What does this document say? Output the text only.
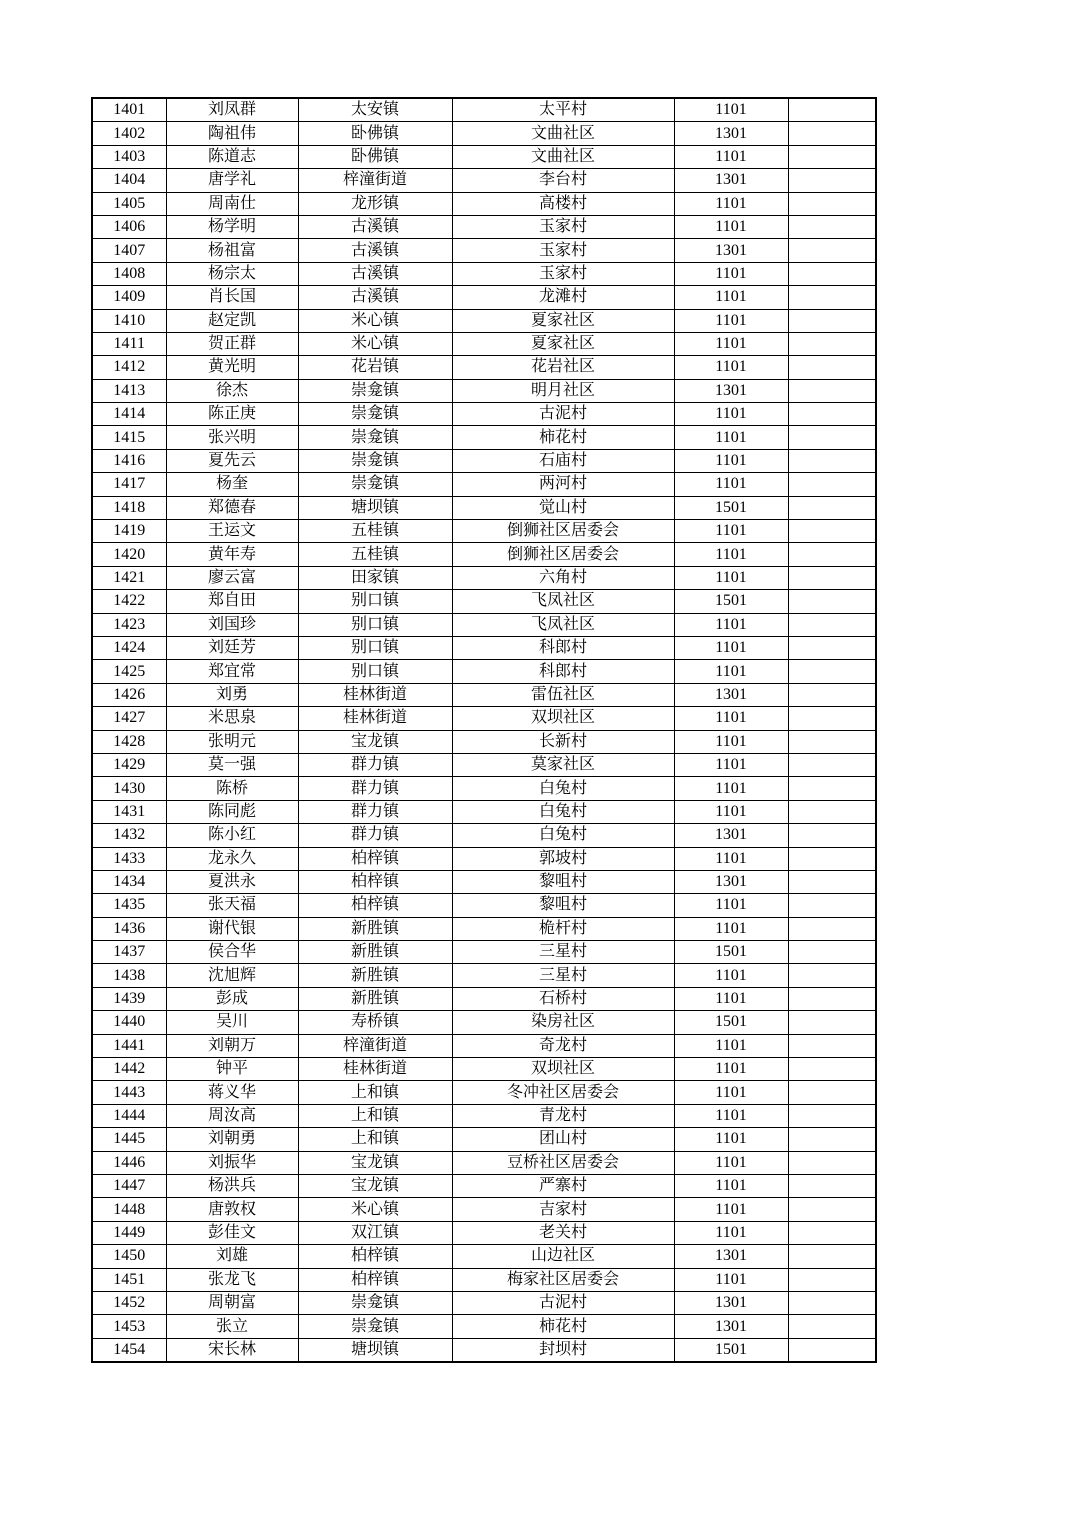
1401	刘凤群	太安镇	太平村	1101	
1402	陶祖伟	卧佛镇	文曲社区	1301	
1403	陈道志	卧佛镇	文曲社区	1101	
1404	唐学礼	梓潼街道	李台村	1301	
1405	周南仕	龙形镇	高楼村	1101	
1406	杨学明	古溪镇	玉家村	1101	
1407	杨祖富	古溪镇	玉家村	1301	
1408	杨宗太	古溪镇	玉家村	1101	
1409	肖长国	古溪镇	龙滩村	1101	
1410	赵定凯	米心镇	夏家社区	1101	
1411	贺正群	米心镇	夏家社区	1101	
1412	黄光明	花岩镇	花岩社区	1101	
1413	徐杰	崇龛镇	明月社区	1301	
1414	陈正庚	崇龛镇	古泥村	1101	
1415	张兴明	崇龛镇	柿花村	1101	
1416	夏先云	崇龛镇	石庙村	1101	
1417	杨奎	崇龛镇	两河村	1101	
1418	郑德春	塘坝镇	觉山村	1501	
1419	王运文	五桂镇	倒狮社区居委会	1101	
1420	黄年寿	五桂镇	倒狮社区居委会	1101	
1421	廖云富	田家镇	六角村	1101	
1422	郑自田	别口镇	飞凤社区	1501	
1423	刘国珍	别口镇	飞凤社区	1101	
1424	刘廷芳	别口镇	科郎村	1101	
1425	郑宜常	别口镇	科郎村	1101	
1426	刘勇	桂林街道	雷伍社区	1301	
1427	米思泉	桂林街道	双坝社区	1101	
1428	张明元	宝龙镇	长新村	1101	
1429	莫一强	群力镇	莫家社区	1101	
1430	陈桥	群力镇	白兔村	1101	
1431	陈同彪	群力镇	白兔村	1101	
1432	陈小红	群力镇	白兔村	1301	
1433	龙永久	柏梓镇	郭坡村	1101	
1434	夏洪永	柏梓镇	黎咀村	1301	
1435	张天福	柏梓镇	黎咀村	1101	
1436	谢代银	新胜镇	桅杆村	1101	
1437	侯合华	新胜镇	三星村	1501	
1438	沈旭辉	新胜镇	三星村	1101	
1439	彭成	新胜镇	石桥村	1101	
1440	吴川	寿桥镇	染房社区	1501	
1441	刘朝万	梓潼街道	奇龙村	1101	
1442	钟平	桂林街道	双坝社区	1101	
1443	蒋义华	上和镇	冬冲社区居委会	1101	
1444	周汝高	上和镇	青龙村	1101	
1445	刘朝勇	上和镇	团山村	1101	
1446	刘振华	宝龙镇	豆桥社区居委会	1101	
1447	杨洪兵	宝龙镇	严寨村	1101	
1448	唐敦权	米心镇	吉家村	1101	
1449	彭佳文	双江镇	老关村	1101	
1450	刘雄	柏梓镇	山边社区	1301	
1451	张龙飞	柏梓镇	梅家社区居委会	1101	
1452	周朝富	崇龛镇	古泥村	1301	
1453	张立	崇龛镇	柿花村	1301	
1454	宋长林	塘坝镇	封坝村	1501	
